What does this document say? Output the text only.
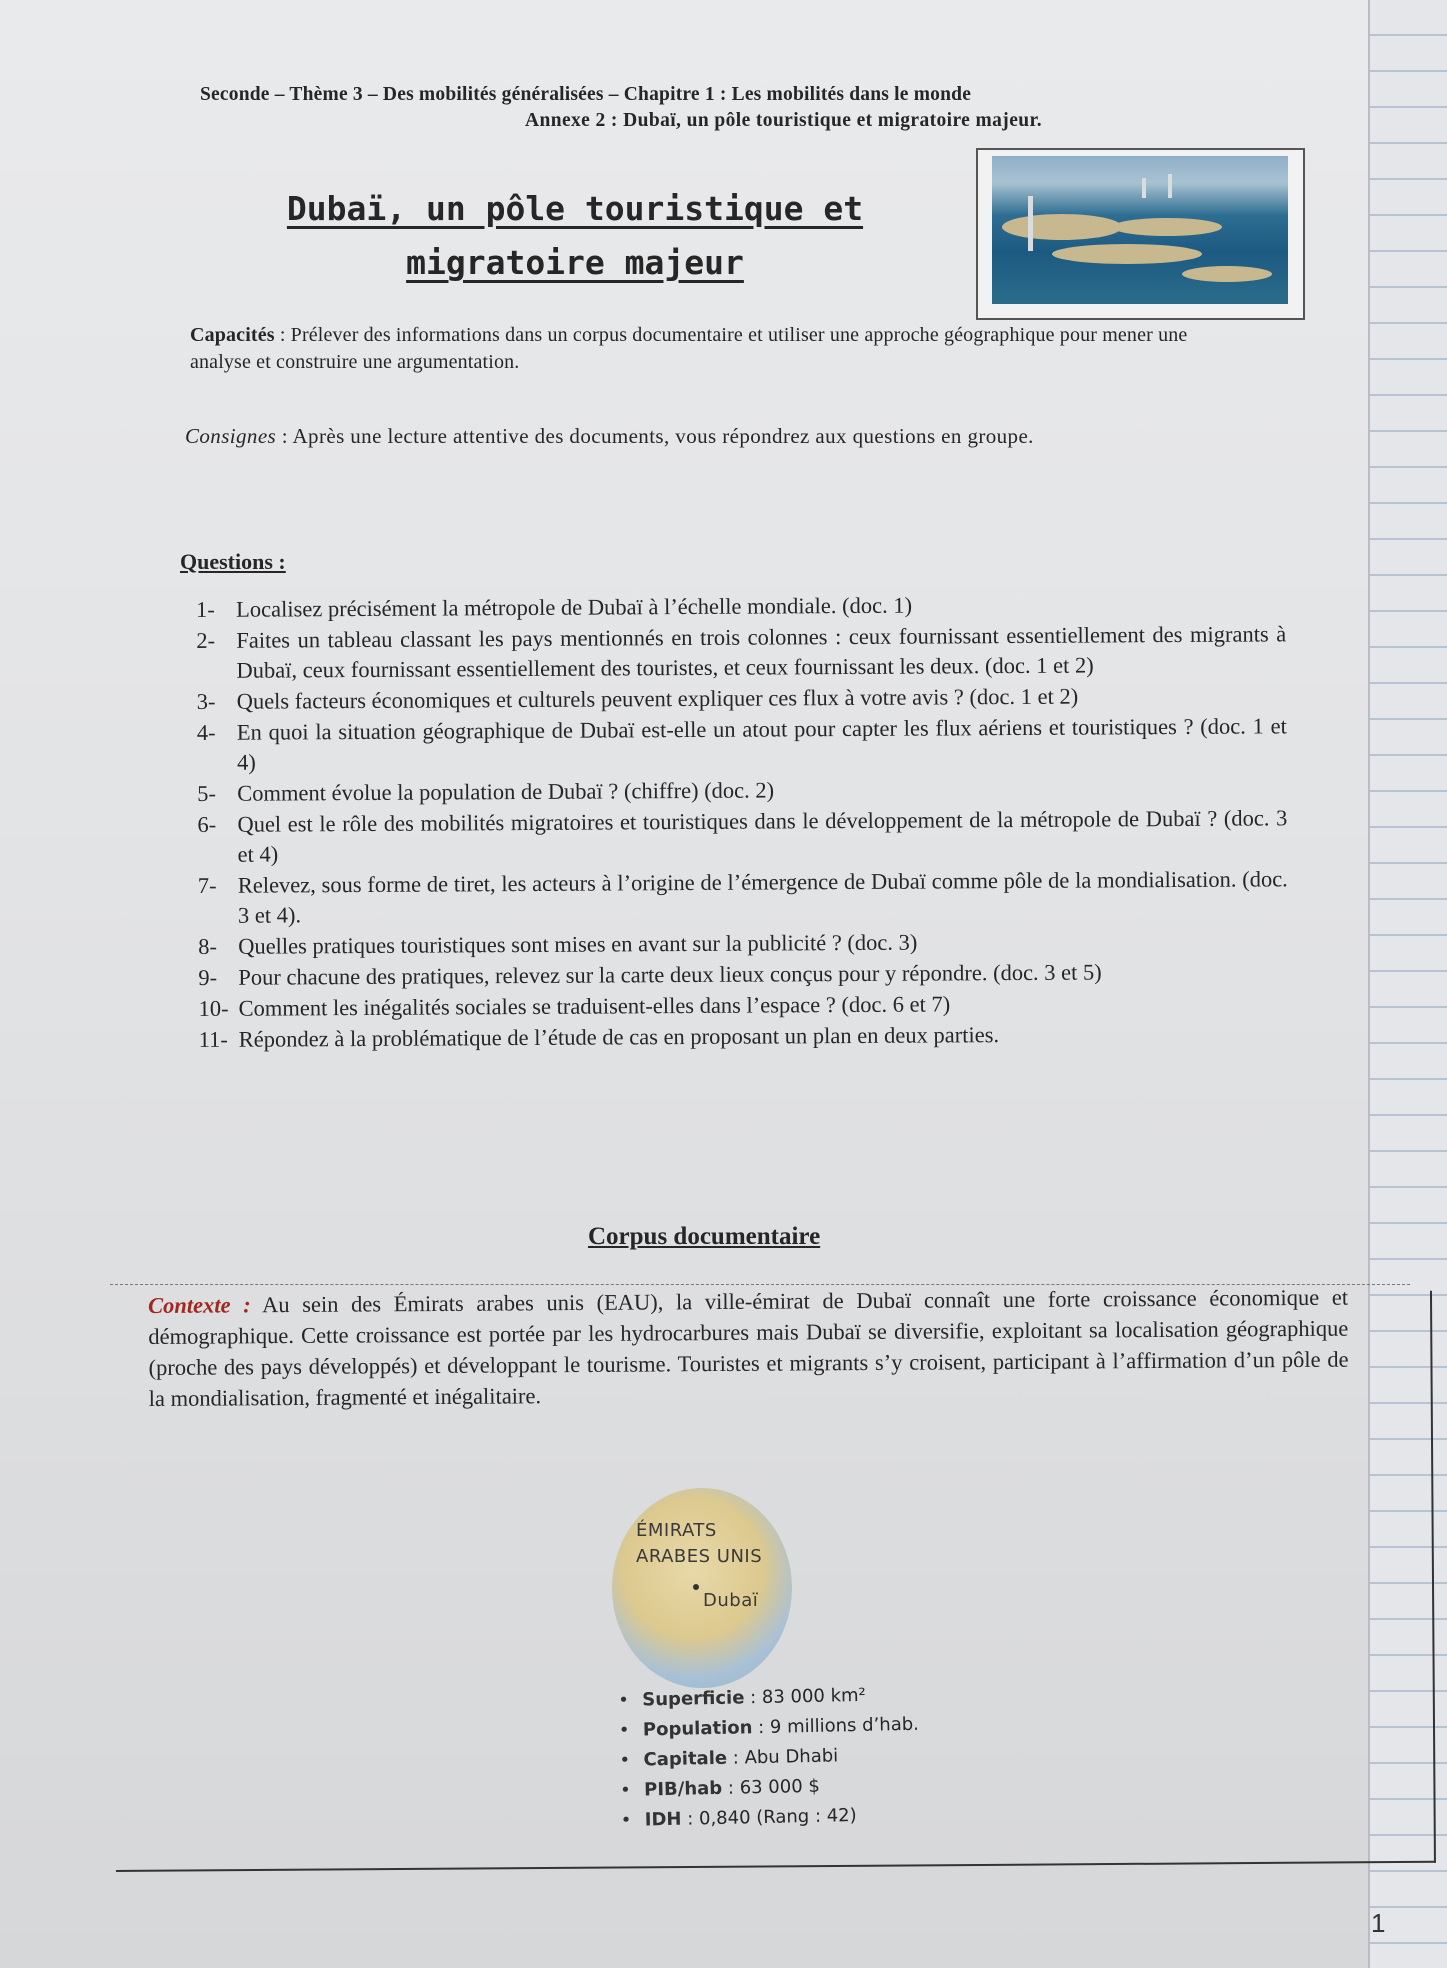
Seconde – Thème 3 – Des mobilités généralisées – Chapitre 1 : Les mobilités dans le monde
Annexe 2 : Dubaï, un pôle touristique et migratoire majeur.
Dubaï, un pôle touristique et
migratoire majeur
Capacités : Prélever des informations dans un corpus documentaire et utiliser une approche géographique pour mener une analyse et construire une argumentation.
Consignes : Après une lecture attentive des documents, vous répondrez aux questions en groupe.
Questions :
1- Localisez précisément la métropole de Dubaï à l’échelle mondiale. (doc. 1)
2- Faites un tableau classant les pays mentionnés en trois colonnes : ceux fournissant essentiellement des migrants à Dubaï, ceux fournissant essentiellement des touristes, et ceux fournissant les deux. (doc. 1 et 2)
3- Quels facteurs économiques et culturels peuvent expliquer ces flux à votre avis ? (doc. 1 et 2)
4- En quoi la situation géographique de Dubaï est-elle un atout pour capter les flux aériens et touristiques ? (doc. 1 et 4)
5- Comment évolue la population de Dubaï ? (chiffre) (doc. 2)
6- Quel est le rôle des mobilités migratoires et touristiques dans le développement de la métropole de Dubaï ? (doc. 3 et 4)
7- Relevez, sous forme de tiret, les acteurs à l’origine de l’émergence de Dubaï comme pôle de la mondialisation. (doc. 3 et 4).
8- Quelles pratiques touristiques sont mises en avant sur la publicité ? (doc. 3)
9- Pour chacune des pratiques, relevez sur la carte deux lieux conçus pour y répondre. (doc. 3 et 5)
10- Comment les inégalités sociales se traduisent-elles dans l’espace ? (doc. 6 et 7)
11- Répondez à la problématique de l’étude de cas en proposant un plan en deux parties.
Corpus documentaire
Contexte : Au sein des Émirats arabes unis (EAU), la ville-émirat de Dubaï connaît une forte croissance économique et démographique. Cette croissance est portée par les hydrocarbures mais Dubaï se diversifie, exploitant sa localisation géographique (proche des pays développés) et développant le tourisme. Touristes et migrants s’y croisent, participant à l’affirmation d’un pôle de la mondialisation, fragmenté et inégalitaire.
ÉMIRATS
ARABES UNIS
Dubaï
• Superficie : 83 000 km²
• Population : 9 millions d’hab.
• Capitale : Abu Dhabi
• PIB/hab : 63 000 $
• IDH : 0,840 (Rang : 42)
1
